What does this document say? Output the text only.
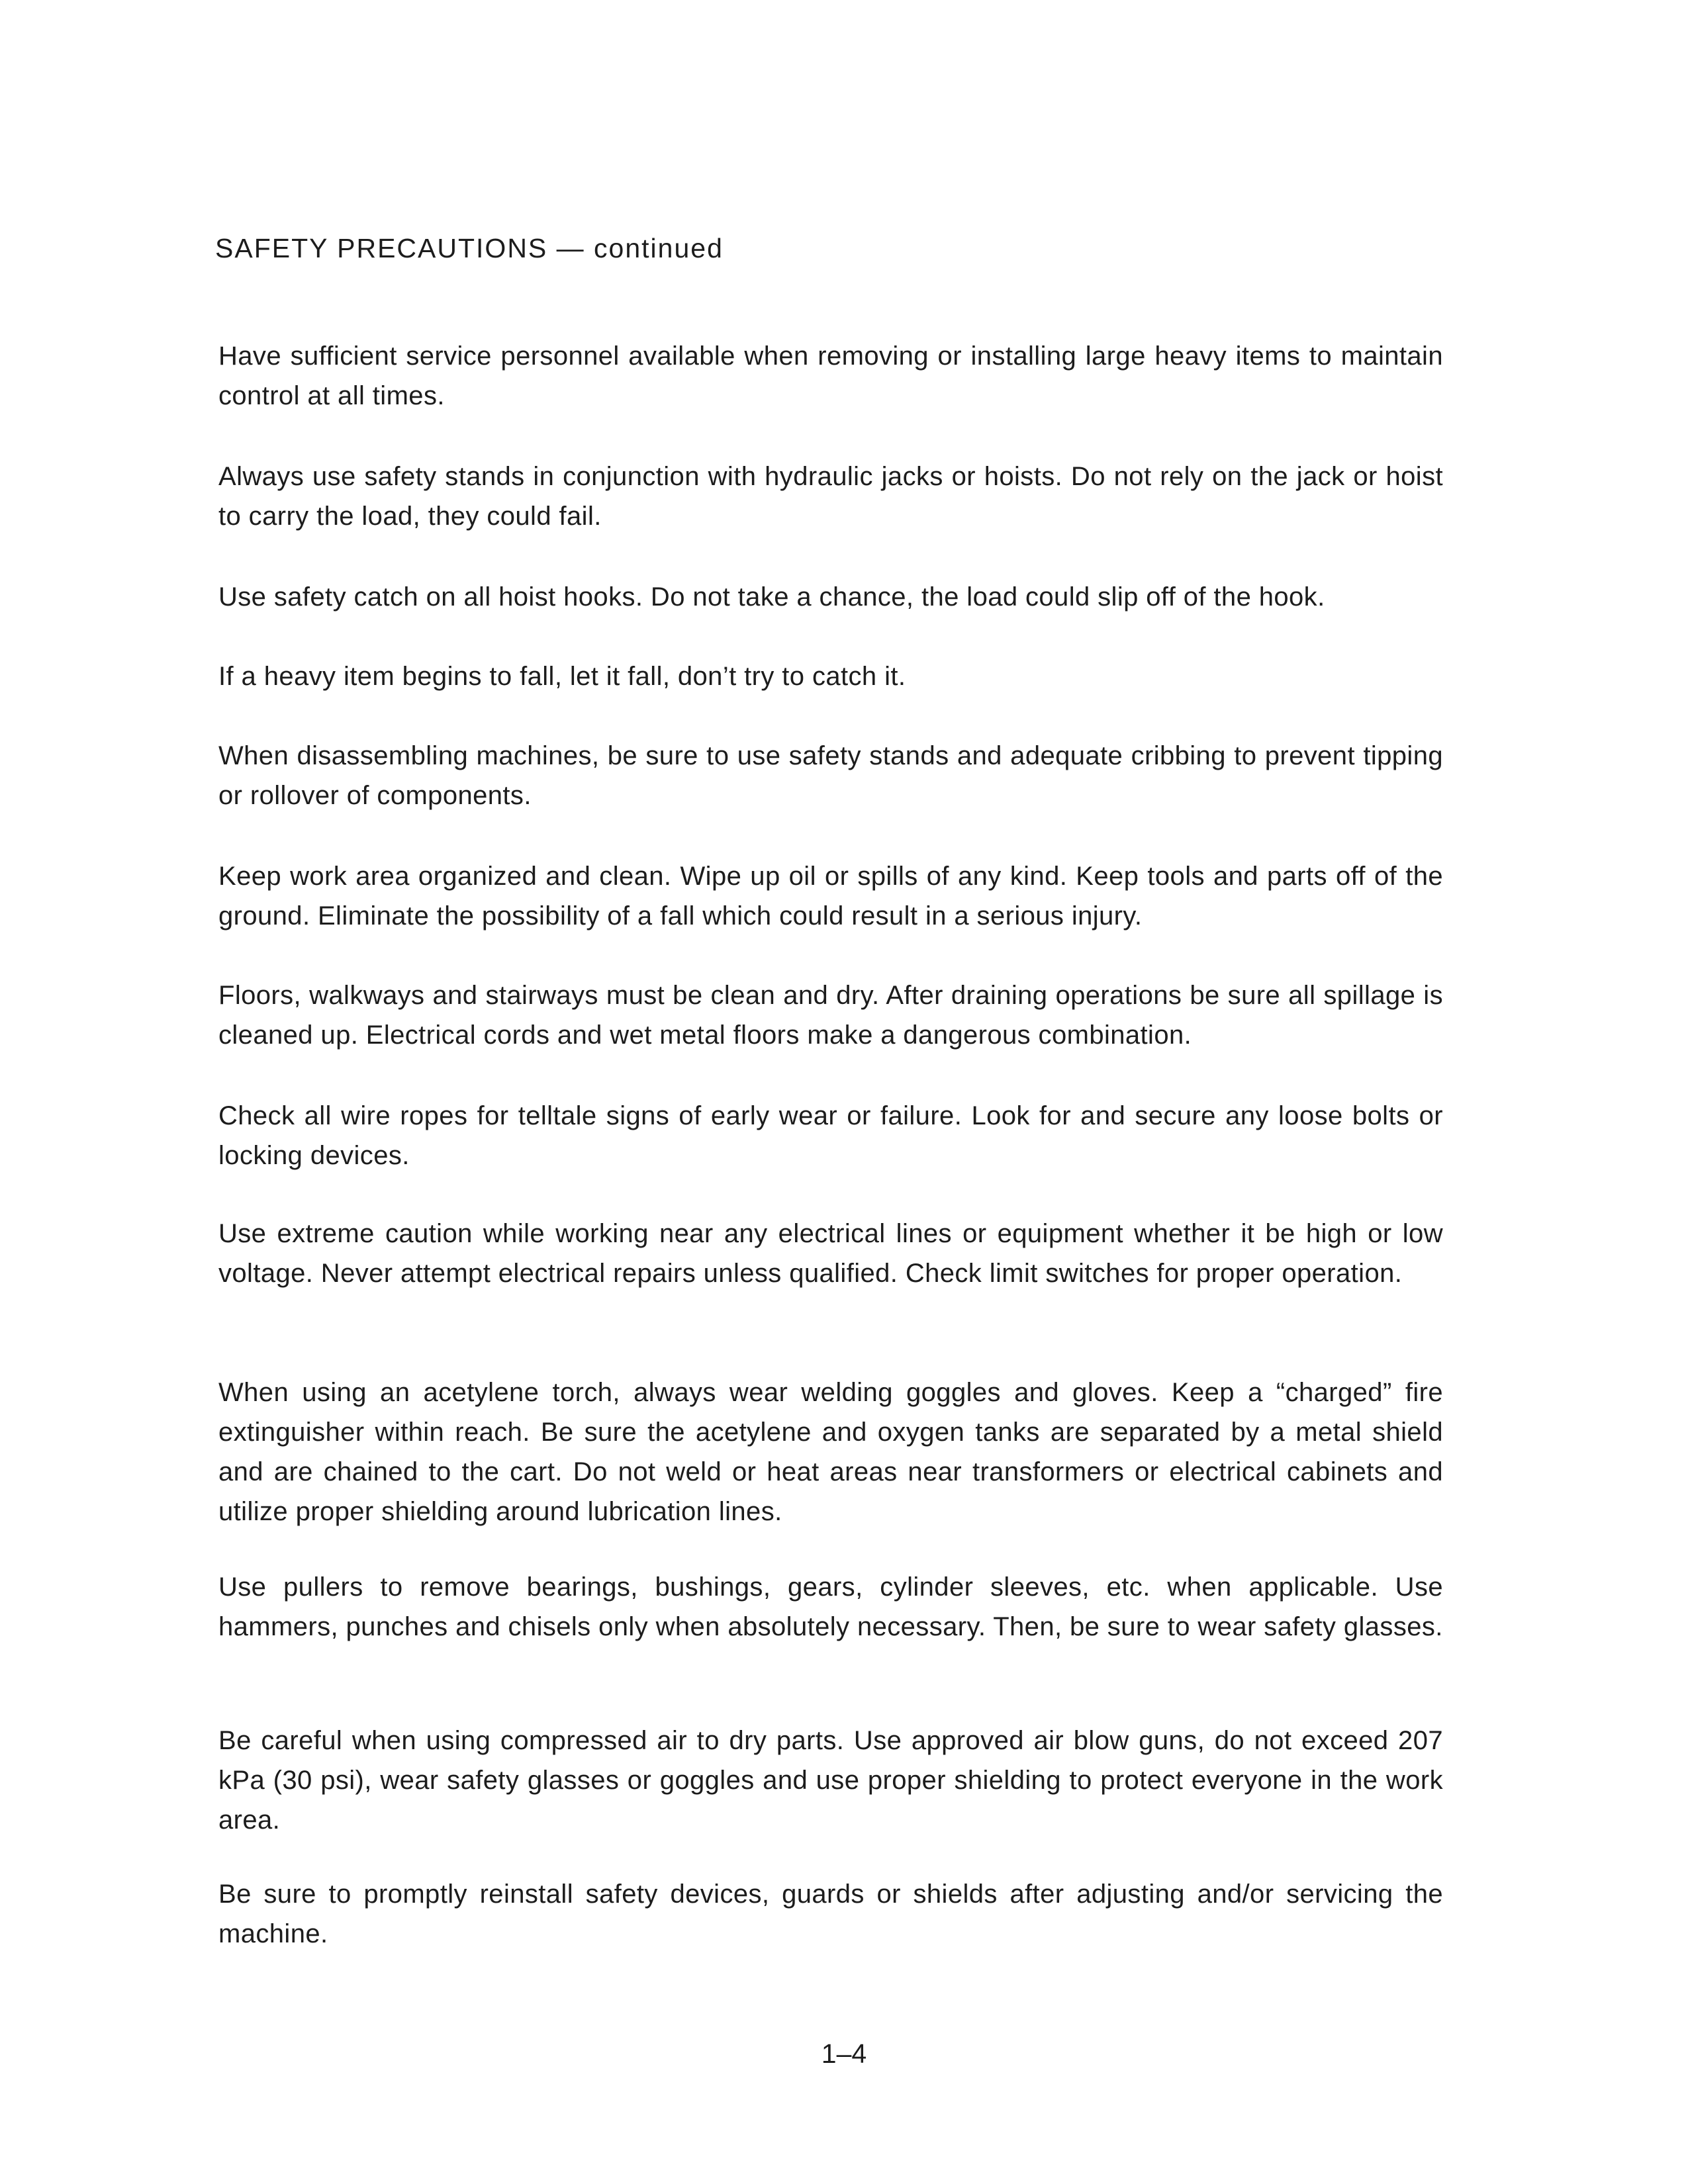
SAFETY PRECAUTIONS — continued

Have sufficient service personnel available when removing or installing large heavy items to maintain control at all times.

Always use safety stands in conjunction with hydraulic jacks or hoists. Do not rely on the jack or hoist to carry the load, they could fail.

Use safety catch on all hoist hooks. Do not take a chance, the load could slip off of the hook.

If a heavy item begins to fall, let it fall, don’t try to catch it.

When disassembling machines, be sure to use safety stands and adequate cribbing to prevent tipping or rollover of components.

Keep work area organized and clean. Wipe up oil or spills of any kind. Keep tools and parts off of the ground. Eliminate the possibility of a fall which could result in a serious injury.

Floors, walkways and stairways must be clean and dry. After draining operations be sure all spillage is cleaned up. Electrical cords and wet metal floors make a dangerous combination.

Check all wire ropes for telltale signs of early wear or failure. Look for and secure any loose bolts or locking devices.

Use extreme caution while working near any electrical lines or equipment whether it be high or low voltage. Never attempt electrical repairs unless qualified. Check limit switches for proper operation.

When using an acetylene torch, always wear welding goggles and gloves. Keep a “charged” fire extinguisher within reach. Be sure the acetylene and oxygen tanks are separated by a metal shield and are chained to the cart. Do not weld or heat areas near transformers or electrical cabinets and utilize proper shielding around lubrication lines.

Use pullers to remove bearings, bushings, gears, cylinder sleeves, etc. when applicable. Use hammers, punches and chisels only when absolutely necessary. Then, be sure to wear safety glasses.

Be careful when using compressed air to dry parts. Use approved air blow guns, do not exceed 207 kPa (30 psi), wear safety glasses or goggles and use proper shielding to protect everyone in the work area.

Be sure to promptly reinstall safety devices, guards or shields after adjusting and/or servicing the machine.

1–4
